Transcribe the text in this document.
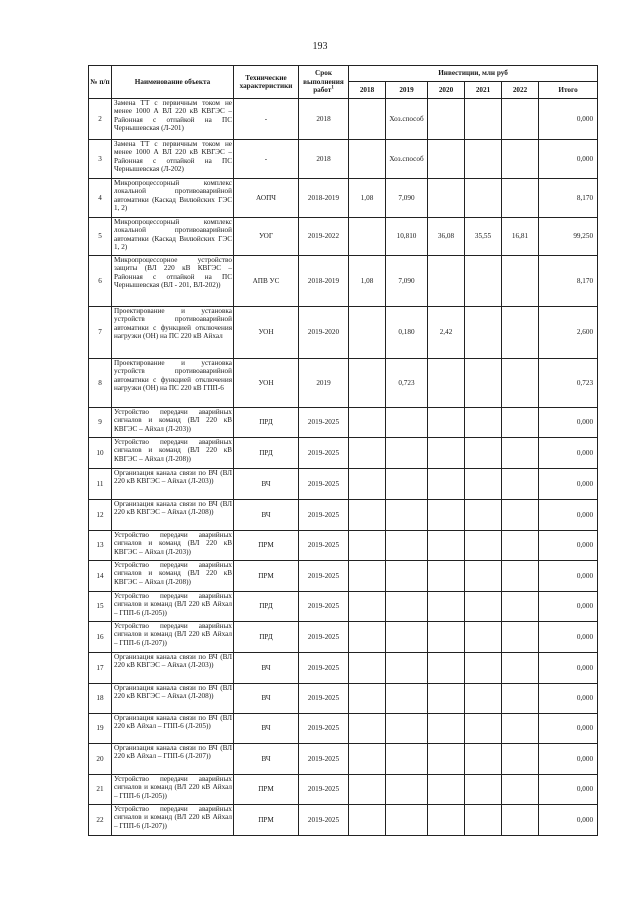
193
№ п/п	Наименование объекта	Технические характеристики	Срок выполнения работ$^1$	Инвестиции, млн руб					
				2018	2019	2020	2021	2022	Итого
2	Замена ТТ с первичным током не менее 1000 А ВЛ 220 кВ КВГЭС – Районная с отпайкой на ПС Чернышевская (Л-201)	-	2018		Хоз.способ				0,000
3	Замена ТТ с первичным током не менее 1000 А ВЛ 220 кВ КВГЭС – Районная с отпайкой на ПС Чернышевская (Л-202)	-	2018		Хоз.способ				0,000
4	Микропроцессорный комплекс локальной противоаварийной автоматики (Каскад Вилюйских ГЭС 1, 2)	АОПЧ	2018-2019	1,08	7,090				8,170
5	Микропроцессорный комплекс локальной противоаварийной автоматики (Каскад Вилюйских ГЭС 1, 2)	УОГ	2019-2022		10,810	36,08	35,55	16,81	99,250
6	Микропроцессорное устройство защиты (ВЛ 220 кВ КВГЭС – Районная с отпайкой на ПС Чернышевская (ВЛ - 201, ВЛ-202))	АПВ УС	2018-2019	1,08	7,090				8,170
7	Проектирование и установка устройств противоаварийной автоматики с функцией отключения нагрузки (ОН) на ПС 220 кВ Айхал	УОН	2019-2020		0,180	2,42			2,600
8	Проектирование и установка устройств противоаварийной автоматики с функцией отключения нагрузки (ОН) на ПС 220 кВ ГПП-6	УОН	2019		0,723				0,723
9	Устройство передачи аварийных сигналов и команд (ВЛ 220 кВ КВГЭС – Айхал (Л-203))	ПРД	2019-2025						0,000
10	Устройство передачи аварийных сигналов и команд (ВЛ 220 кВ КВГЭС – Айхал (Л-208))	ПРД	2019-2025						0,000
11	Организация канала связи по ВЧ (ВЛ 220 кВ КВГЭС – Айхал (Л-203))	ВЧ	2019-2025						0,000
12	Организация канала связи по ВЧ (ВЛ 220 кВ КВГЭС – Айхал (Л-208))	ВЧ	2019-2025						0,000
13	Устройство передачи аварийных сигналов и команд (ВЛ 220 кВ КВГЭС – Айхал (Л-203))	ПРМ	2019-2025						0,000
14	Устройство передачи аварийных сигналов и команд (ВЛ 220 кВ КВГЭС – Айхал (Л-208))	ПРМ	2019-2025						0,000
15	Устройство передачи аварийных сигналов и команд (ВЛ 220 кВ Айхал – ГПП-6 (Л-205))	ПРД	2019-2025						0,000
16	Устройство передачи аварийных сигналов и команд (ВЛ 220 кВ Айхал – ГПП-6 (Л-207))	ПРД	2019-2025						0,000
17	Организация канала связи по ВЧ (ВЛ 220 кВ КВГЭС – Айхал (Л-203))	ВЧ	2019-2025						0,000
18	Организация канала связи по ВЧ (ВЛ 220 кВ КВГЭС – Айхал (Л-208))	ВЧ	2019-2025						0,000
19	Организация канала связи по ВЧ (ВЛ 220 кВ Айхал – ГПП-6 (Л-205))	ВЧ	2019-2025						0,000
20	Организация канала связи по ВЧ (ВЛ 220 кВ Айхал – ГПП-6 (Л-207))	ВЧ	2019-2025						0,000
21	Устройство передачи аварийных сигналов и команд (ВЛ 220 кВ Айхал – ГПП-6 (Л-205))	ПРМ	2019-2025						0,000
22	Устройство передачи аварийных сигналов и команд (ВЛ 220 кВ Айхал – ГПП-6 (Л-207))	ПРМ	2019-2025						0,000
